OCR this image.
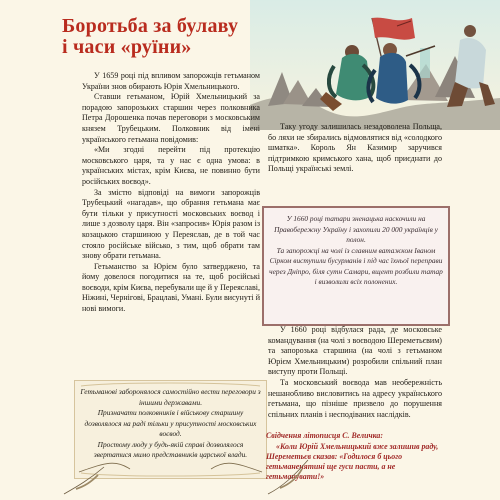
Боротьба за булаву
і часи «руїни»

У 1659 році під впливом запорожців гетьманом України знов обирають Юрія Хмельницького.

Ставши гетьманом, Юрій Хмельницький за порадою запорозьких старшин через полковника Петра Дорошенка почав переговори з московським князем Трубецьким. Полковник від імені українського гетьмана повідомив:

«Ми згодні перейти під протекцію московського царя, та у нас є одна умова: в українських містах, крім Києва, не повинно бути російських воєвод».

За змістю відповіді на вимоги запорожців Трубецький «нагадав», що обрання гетьмана має бути тільки у присутності московських воєвод і лише з дозволу царя. Він «запросив» Юрія разом із козацькою старшиною у Переяслав, де в той час стояло російське військо, з тим, щоб обрати там знову обрати гетьмана.

Гетьманство за Юрієм було затверджено, та йому довелося погодитися на те, щоб російські воєводи, крім Києва, перебували ще й у Переяславі, Ніжині, Чернігові, Брацлаві, Умані. Були висунуті й нові вимоги.

Гетьманові заборонялося самостійно вести переговори з іншими державами.
Призначати полковників і військову старшину дозволялося на раді тільки у присутності московських воєвод.
Простому люду у будь-якій справі дозволялося звертатися мимо представників царської влади.

Таку угоду залишилась незадоволена Польща, бо ляхи не збирались відмовлятися від «солодкого шматка». Король Ян Казимир заручився підтримкою кримського хана, щоб приєднати до Польщі українські землі.

У 1660 році татари зненацька наскочили на Правобережну Україну і захопили 20 000 українців у полон.
Та запорожці на чолі із славним ватажком Іваном Сірком виступили бусурманів і під час їхньої переправи через Дніпро, біля сутн Самари, вщент розбили татар і визволили всіх полонених.

У 1660 році відбулася рада, де московське командування (на чолі з воєводою Шереметьєвим) та запорозька старшина (на чолі з гетьманом Юрієм Хмельницьким) розробили спільний план виступу проти Польщі.

Та московський воєвода мав необережність нешанобливо висловитись на адресу українського гетьмана, що пізніше призвело до порушення спільних планів і несподіваних наслідків.

Свідчення літописця С. Величка:
«Коли Юрій Хмельницький вже залишив раду, Шереметьєв сказав: «Годилося б цього гетьманенятині ще гуси пасти, а не гетьманувати!»
